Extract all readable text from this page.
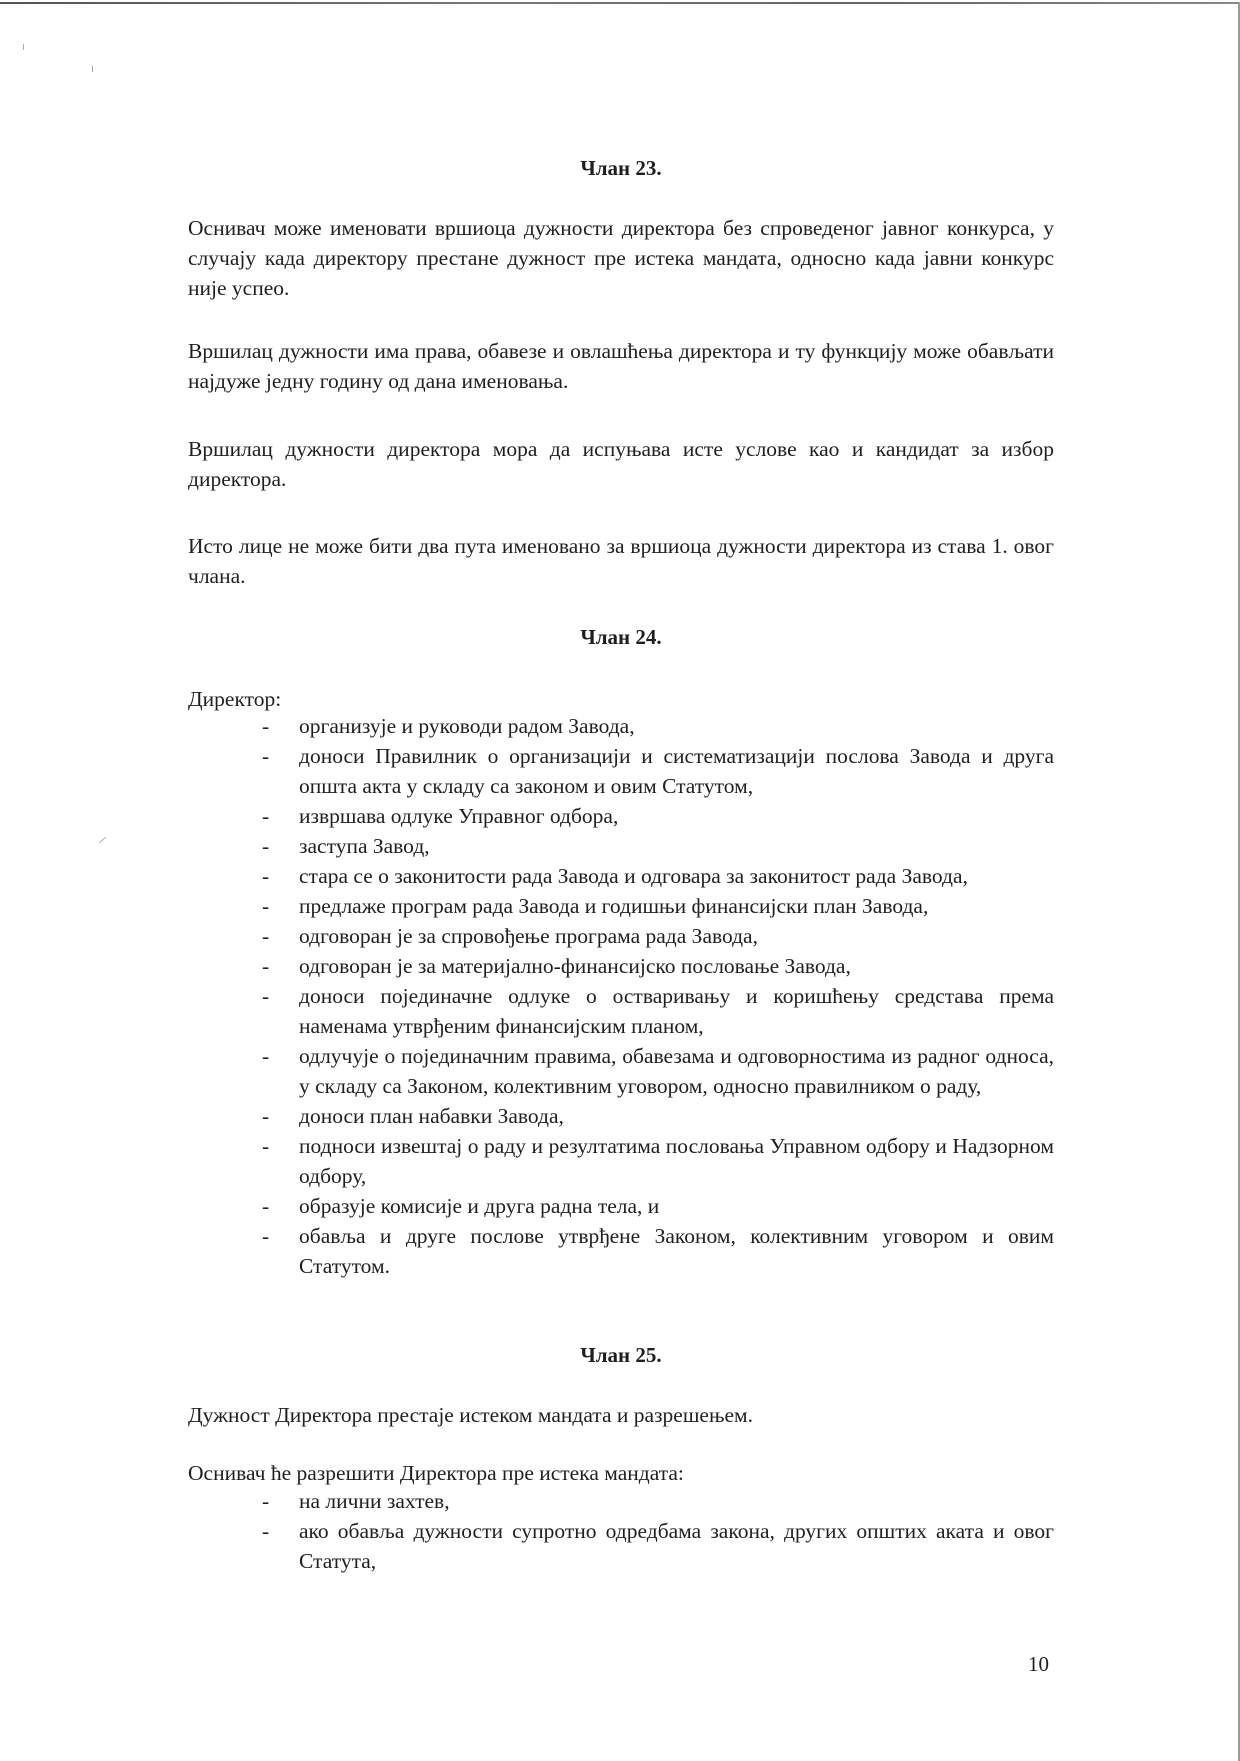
Члан 23.

Оснивач може именовати вршиоца дужности директора без спроведеног јавног конкурса, у случају када директору престане дужност пре истека мандата, односно када јавни конкурс није успео.

Вршилац дужности има права, обавезе и овлашћења директора и ту функцију може обављати најдуже једну годину од дана именовања.

Вршилац дужности директора мора да испуњава исте услове као и кандидат за избор директора.

Исто лице не може бити два пута именовано за вршиоца дужности директора из става 1. овог члана.

Члан 24.

Директор:

- организује и руководи радом Завода,
- доноси Правилник о организацији и систематизацији послова Завода и друга општа акта у складу са законом и овим Статутом,
- извршава одлуке Управног одбора,
- заступа Завод,
- стара се о законитости рада Завода и одговара за законитост рада Завода,
- предлаже програм рада Завода и годишњи финансијски план Завода,
- одговоран је за спровођење програма рада Завода,
- одговоран је за материјално-финансијско пословање Завода,
- доноси појединачне одлуке о остваривању и коришћењу средстава према наменама утврђеним финансијским планом,
- одлучује о појединачним правима, обавезама и одговорностима из радног односа, у складу са Законом, колективним уговором, односно правилником о раду,
- доноси план набавки Завода,
- подноси извештај о раду и резултатима пословања Управном одбору и Надзорном одбору,
- образује комисије и друга радна тела, и
- обавља и друге послове утврђене Законом, колективним уговором и овим Статутом.
Члан 25.

Дужност Директора престаје истеком мандата и разрешењем.

Оснивач ће разрешити Директора пре истека мандата:

- на лични захтев,
- ако обавља дужности супротно одредбама закона, других општих аката и овог Статута,
10
